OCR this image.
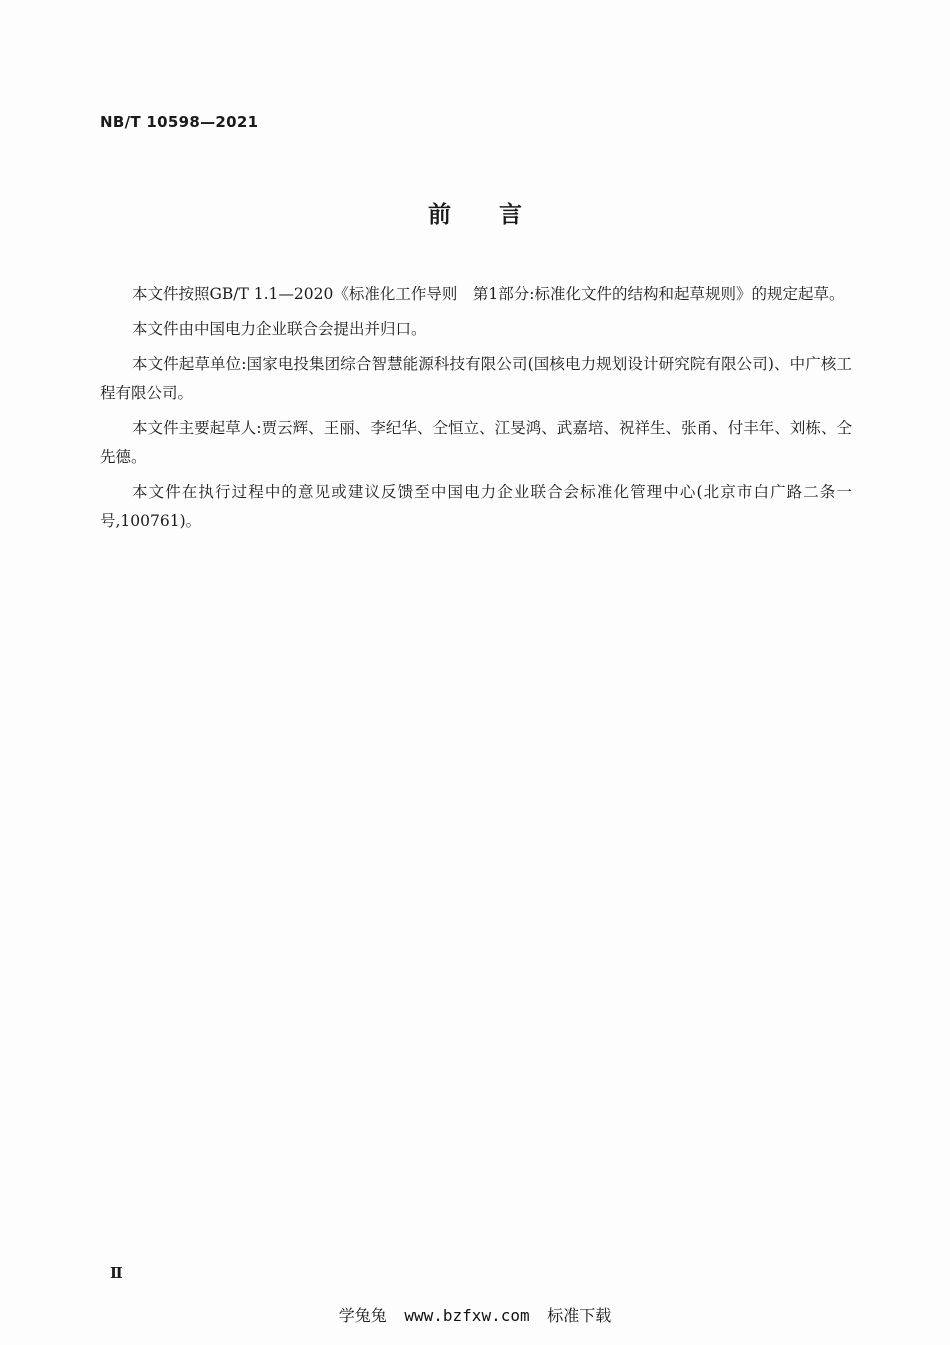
NB/T 10598—2021
前言

本文件按照GB/T 1.1—2020《标准化工作导则　第1部分:标准化文件的结构和起草规则》的规定起草。

本文件由中国电力企业联合会提出并归口。

本文件起草单位:国家电投集团综合智慧能源科技有限公司(国核电力规划设计研究院有限公司)、中广核工程有限公司。

本文件主要起草人:贾云辉、王丽、李纪华、仝恒立、江旻鸿、武嘉培、祝祥生、张甬、付丰年、刘栋、仝先德。

本文件在执行过程中的意见或建议反馈至中国电力企业联合会标准化管理中心(北京市白广路二条一号,100761)。

Ⅱ
学兔兔 www.bzfxw.com 标准下载
